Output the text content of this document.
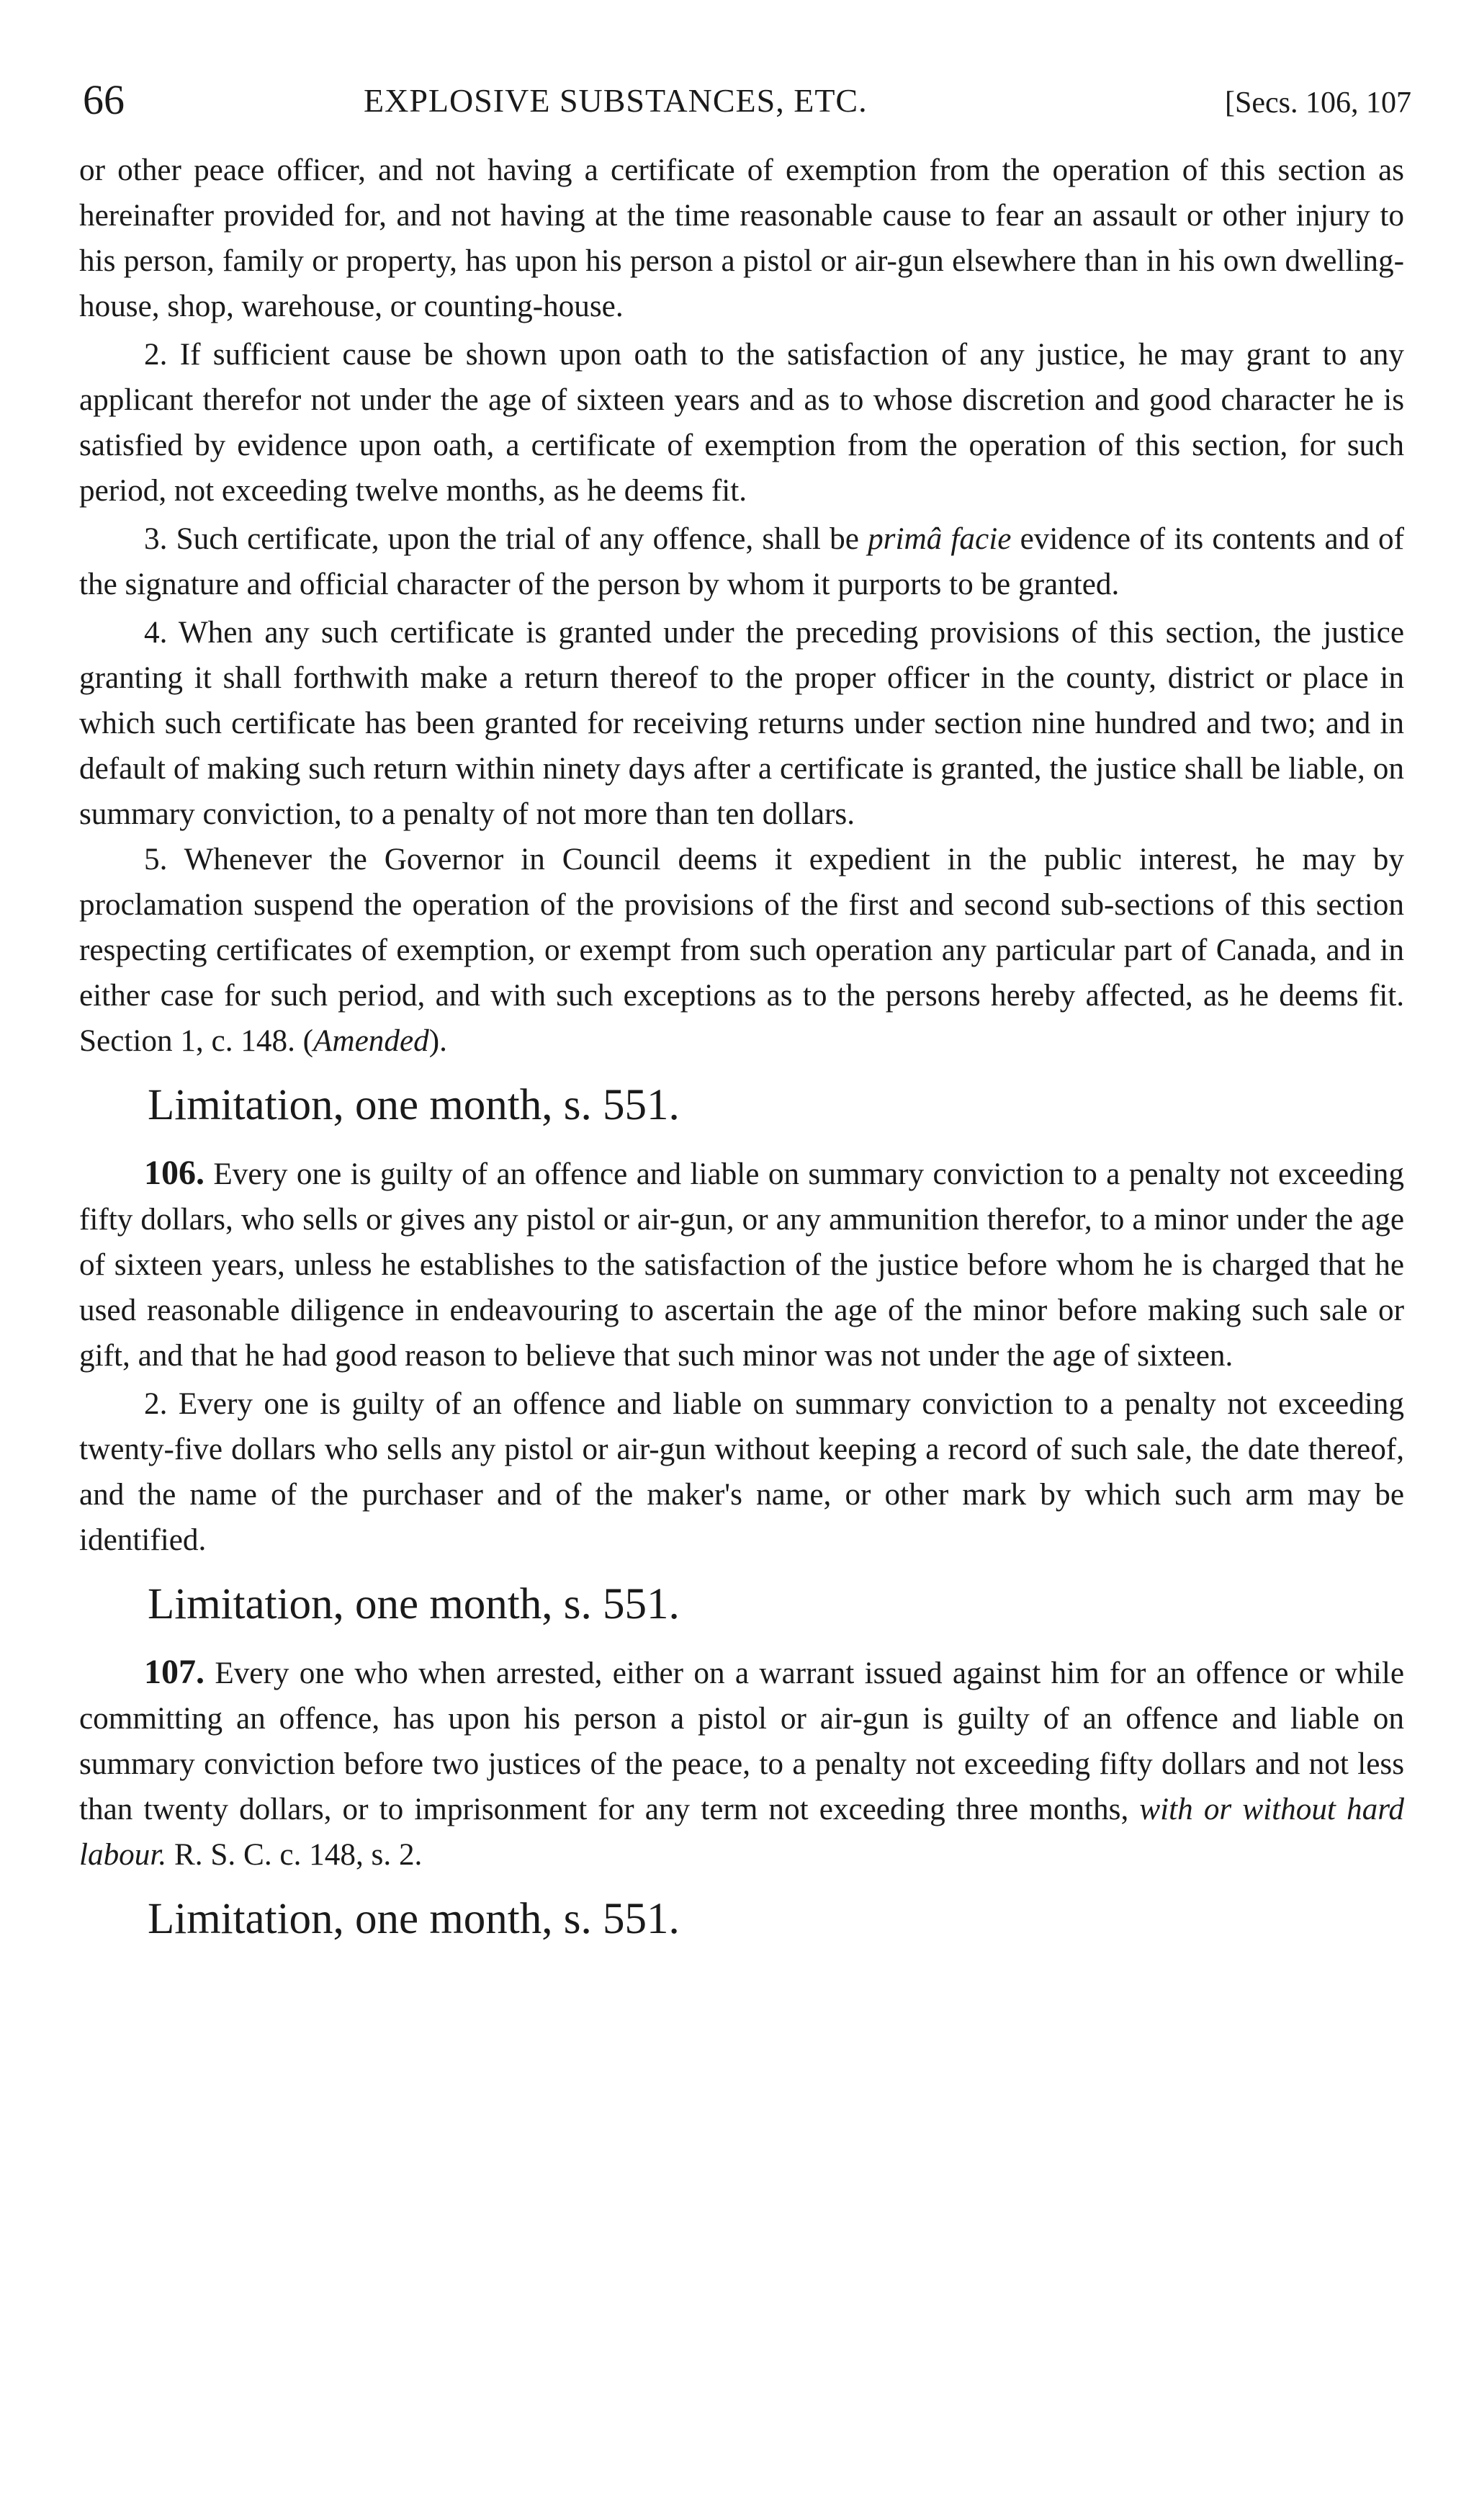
66	EXPLOSIVE SUBSTANCES, ETC.	[Secs. 106, 107

or other peace officer, and not having a certificate of exemption from the operation of this section as hereinafter provided for, and not having at the time reasonable cause to fear an assault or other injury to his person, family or property, has upon his person a pistol or air-gun elsewhere than in his own dwelling-house, shop, warehouse, or counting-house.

2. If sufficient cause be shown upon oath to the satisfaction of any justice, he may grant to any applicant therefor not under the age of sixteen years and as to whose discretion and good character he is satisfied by evidence upon oath, a certificate of exemption from the operation of this section, for such period, not exceeding twelve months, as he deems fit.

3. Such certificate, upon the trial of any offence, shall be primâ facie evidence of its contents and of the signature and official character of the person by whom it purports to be granted.

4. When any such certificate is granted under the preceding provisions of this section, the justice granting it shall forthwith make a return thereof to the proper officer in the county, district or place in which such certificate has been granted for receiving returns under section nine hundred and two; and in default of making such return within ninety days after a certificate is granted, the justice shall be liable, on summary conviction, to a penalty of not more than ten dollars.

5. Whenever the Governor in Council deems it expedient in the public interest, he may by proclamation suspend the operation of the provisions of the first and second sub-sections of this section respecting certificates of exemption, or exempt from such operation any particular part of Canada, and in either case for such period, and with such exceptions as to the persons hereby affected, as he deems fit. Section 1, c. 148. (Amended).

Limitation, one month, s. 551.

106. Every one is guilty of an offence and liable on summary conviction to a penalty not exceeding fifty dollars, who sells or gives any pistol or air-gun, or any ammunition therefor, to a minor under the age of sixteen years, unless he establishes to the satisfaction of the justice before whom he is charged that he used reasonable diligence in endeavouring to ascertain the age of the minor before making such sale or gift, and that he had good reason to believe that such minor was not under the age of sixteen.

2. Every one is guilty of an offence and liable on summary conviction to a penalty not exceeding twenty-five dollars who sells any pistol or air-gun without keeping a record of such sale, the date thereof, and the name of the purchaser and of the maker's name, or other mark by which such arm may be identified.

Limitation, one month, s. 551.

107. Every one who when arrested, either on a warrant issued against him for an offence or while committing an offence, has upon his person a pistol or air-gun is guilty of an offence and liable on summary conviction before two justices of the peace, to a penalty not exceeding fifty dollars and not less than twenty dollars, or to imprisonment for any term not exceeding three months, with or without hard labour. R. S. C. c. 148, s. 2.

Limitation, one month, s. 551.
